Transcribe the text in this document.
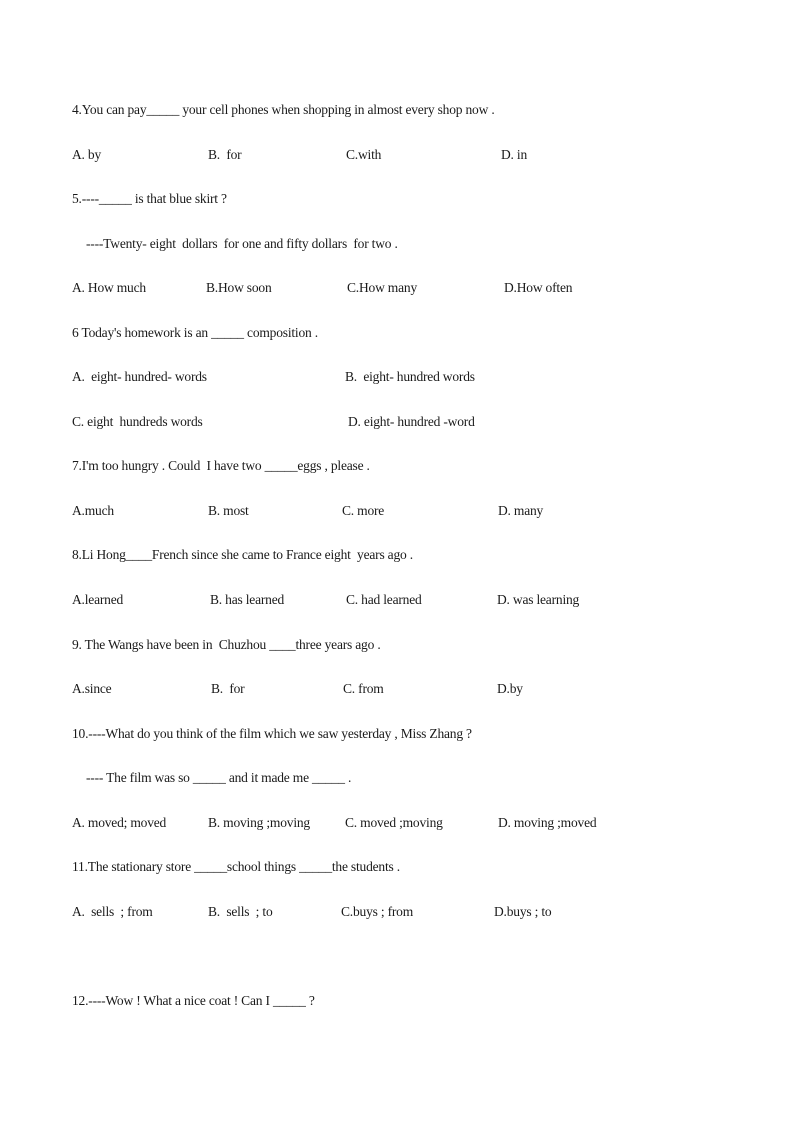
4.You can pay_____ your cell phones when shopping in almost every shop now .
A. by	B.  for	C.with	D. in
5.----_____ is that blue skirt ?
----Twenty- eight  dollars  for one and fifty dollars  for two .
A. How much	B.How soon	C.How many	D.How often
6 Today's homework is an _____ composition .
A.  eight- hundred- words	B.  eight- hundred words
C. eight  hundreds words	D. eight- hundred -word
7.I'm too hungry . Could  I have two _____eggs , please .
A.much	B. most	C. more	D. many
8.Li Hong____French since she came to France eight  years ago .
A.learned	B. has learned	C. had learned	D. was learning
9. The Wangs have been in  Chuzhou ____three years ago .
A.since	B.  for	C. from	D.by
10.----What do you think of the film which we saw yesterday , Miss Zhang ?
---- The film was so _____ and it made me _____ .
A. moved; moved	B. moving ;moving	C. moved ;moving	D. moving ;moved
11.The stationary store _____school things _____the students .
A.  sells  ; from	B.  sells  ; to	C.buys ; from	D.buys ; to
12.----Wow ! What a nice coat ! Can I _____ ?
